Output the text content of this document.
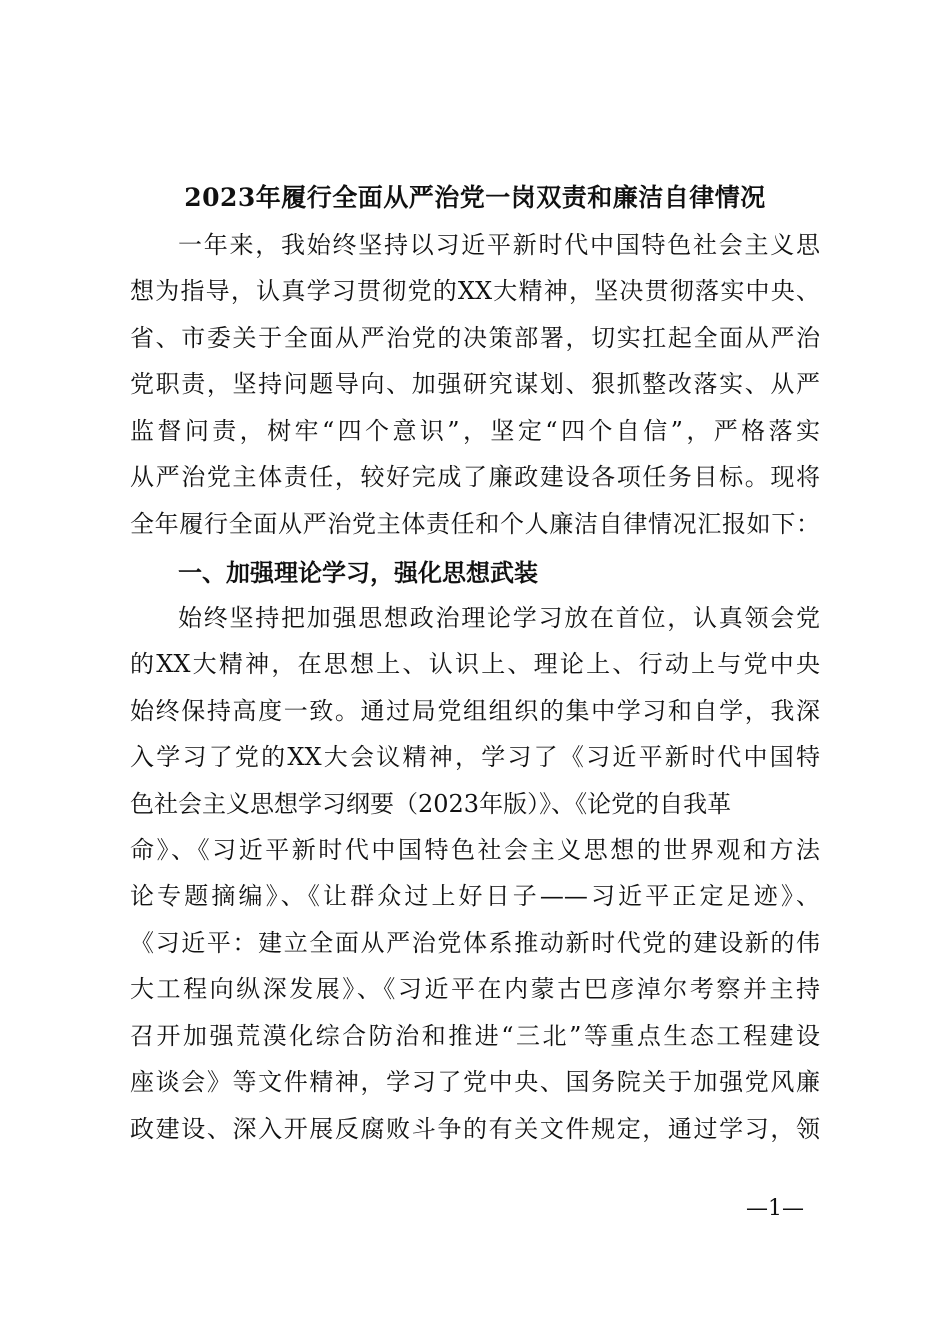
2023年履行全面从严治党一岗双责和廉洁自律情况
一年来，我始终坚持以习近平新时代中国特色社会主义思
想为指导，认真学习贯彻党的XX大精神，坚决贯彻落实中央、
省、市委关于全面从严治党的决策部署，切实扛起全面从严治
党职责，坚持问题导向、加强研究谋划、狠抓整改落实、从严
监督问责，树牢“四个意识”，坚定“四个自信”，严格落实
从严治党主体责任，较好完成了廉政建设各项任务目标。现将
全年履行全面从严治党主体责任和个人廉洁自律情况汇报如下：
一、加强理论学习，强化思想武装
始终坚持把加强思想政治理论学习放在首位，认真领会党
的XX大精神，在思想上、认识上、理论上、行动上与党中央
始终保持高度一致。通过局党组组织的集中学习和自学，我深
入学习了党的XX大会议精神，学习了《习近平新时代中国特
色社会主义思想学习纲要（2023年版）》、《论党的自我革
命》、《习近平新时代中国特色社会主义思想的世界观和方法
论专题摘编》、《让群众过上好日子——习近平正定足迹》、
《习近平：建立全面从严治党体系推动新时代党的建设新的伟
大工程向纵深发展》、《习近平在内蒙古巴彦淖尔考察并主持
召开加强荒漠化综合防治和推进“三北”等重点生态工程建设
座谈会》等文件精神，学习了党中央、国务院关于加强党风廉
政建设、深入开展反腐败斗争的有关文件规定，通过学习，领
—1—
